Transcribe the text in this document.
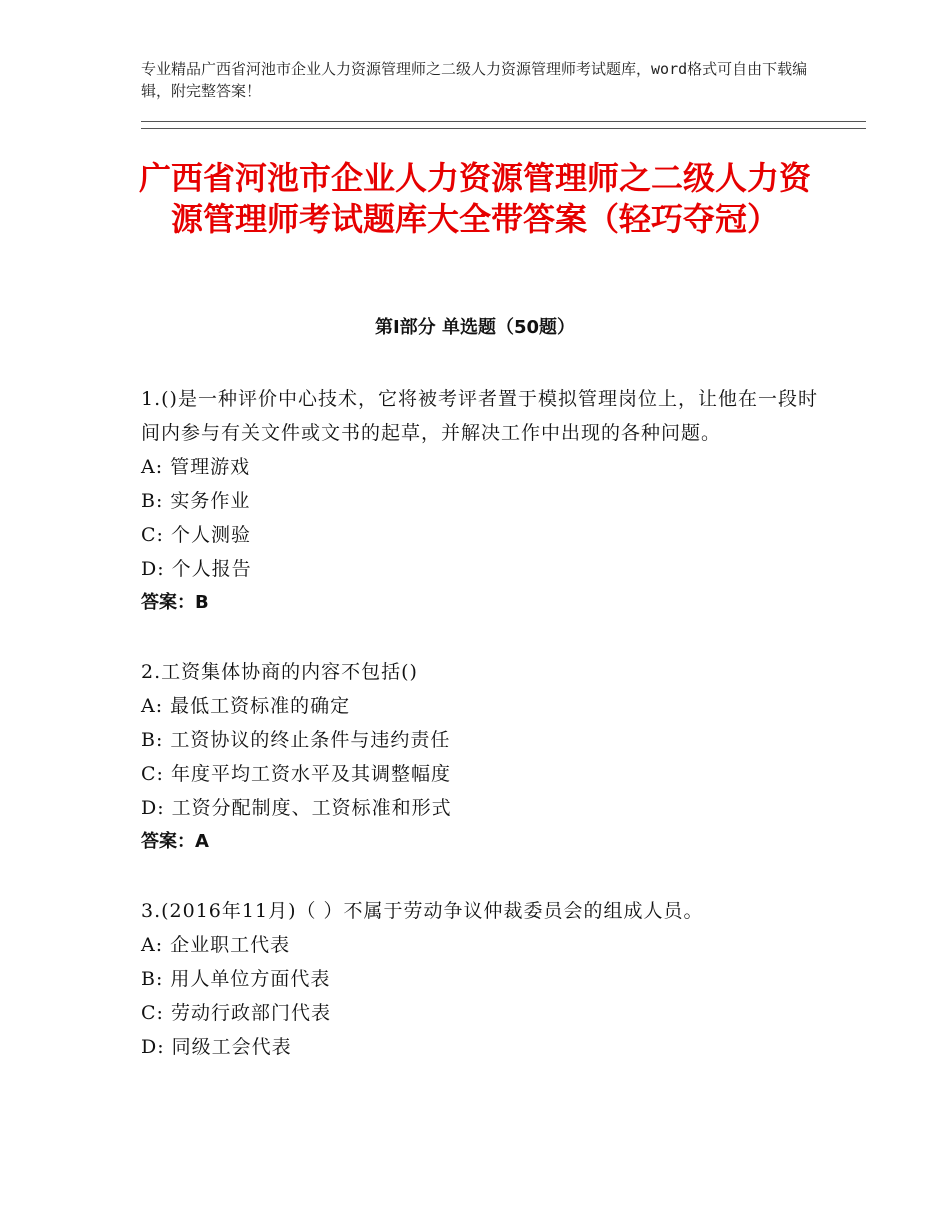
专业精品广西省河池市企业人力资源管理师之二级人力资源管理师考试题库，word格式可自由下载编辑，附完整答案！
广西省河池市企业人力资源管理师之二级人力资源管理师考试题库大全带答案（轻巧夺冠）
第Ⅰ部分 单选题（50题）
1.()是一种评价中心技术，它将被考评者置于模拟管理岗位上，让他在一段时间内参与有关文件或文书的起草，并解决工作中出现的各种问题。
A: 管理游戏
B: 实务作业
C: 个人测验
D: 个人报告
答案：B
2.工资集体协商的内容不包括()
A: 最低工资标准的确定
B: 工资协议的终止条件与违约责任
C: 年度平均工资水平及其调整幅度
D: 工资分配制度、工资标准和形式
答案：A
3.(2016年11月)（ ）不属于劳动争议仲裁委员会的组成人员。
A: 企业职工代表
B: 用人单位方面代表
C: 劳动行政部门代表
D: 同级工会代表
